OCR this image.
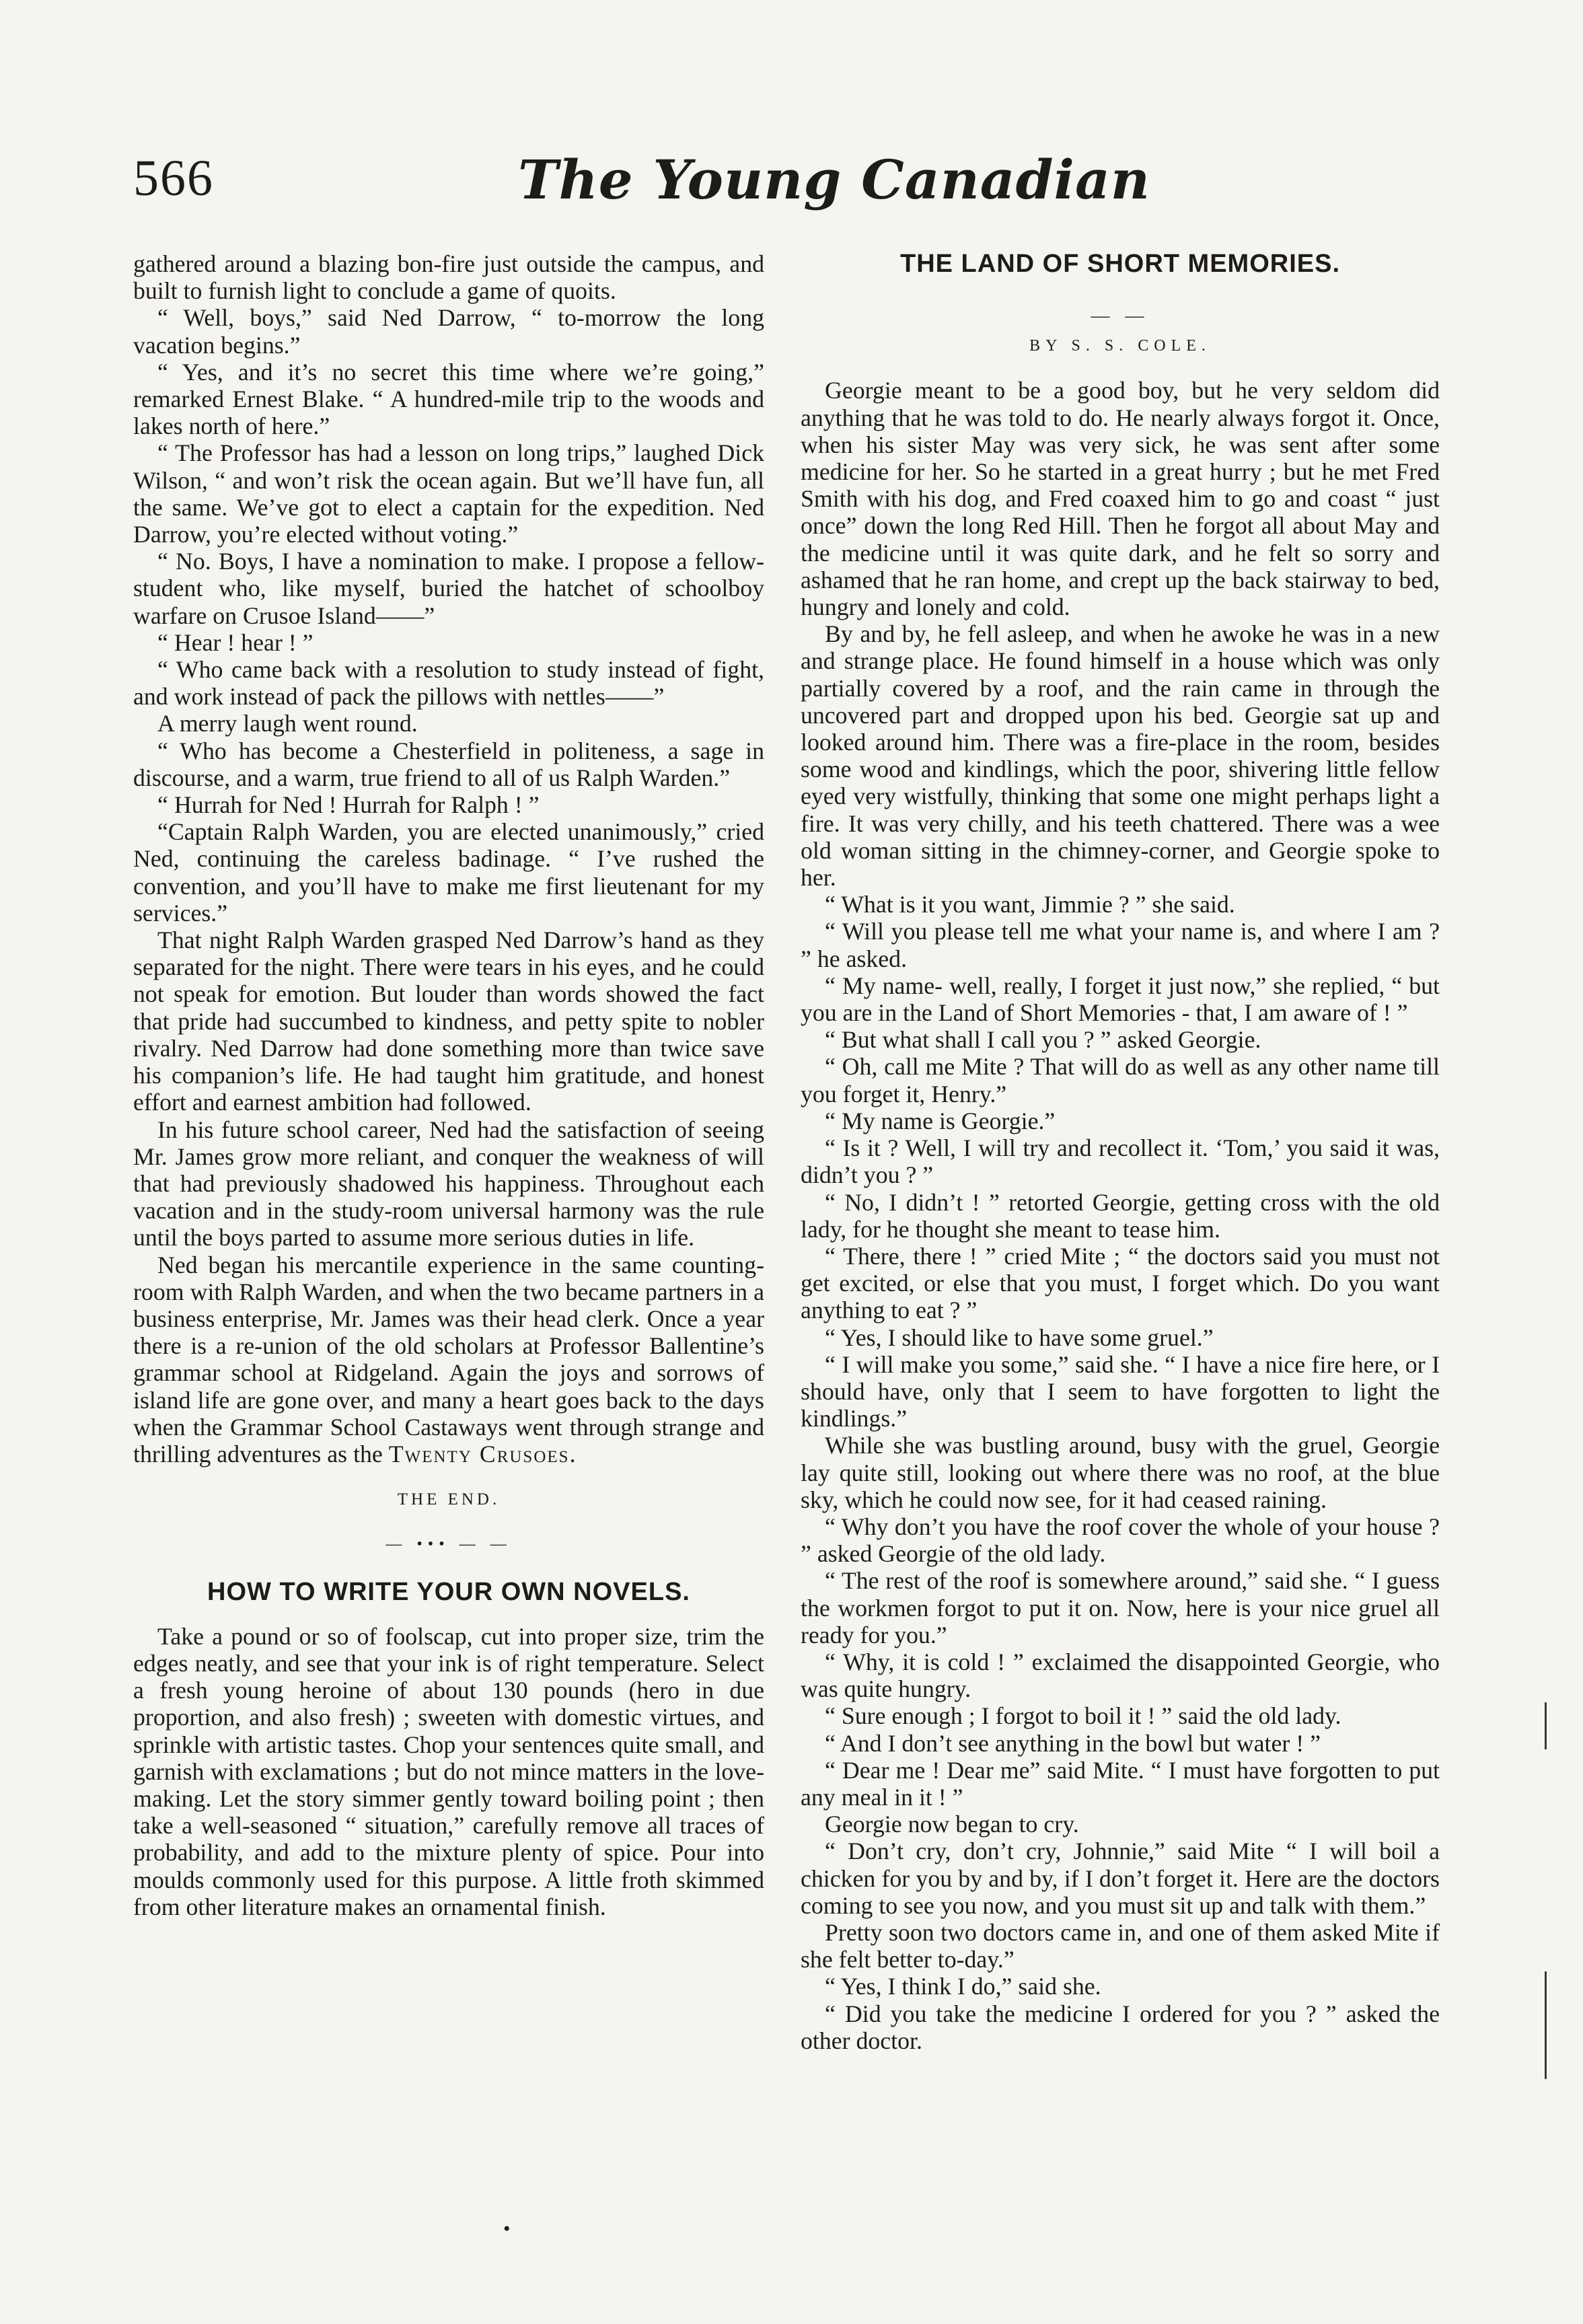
566	The Young Canadian

gathered around a blazing bon-fire just outside the campus, and built to furnish light to conclude a game of quoits.

“ Well, boys,” said Ned Darrow, “ to-morrow the long vacation begins.”

“ Yes, and it’s no secret this time where we’re going,” remarked Ernest Blake. “ A hundred-mile trip to the woods and lakes north of here.”

“ The Professor has had a lesson on long trips,” laughed Dick Wilson, “ and won’t risk the ocean again. But we’ll have fun, all the same. We’ve got to elect a captain for the expedition. Ned Darrow, you’re elected without voting.”

“ No. Boys, I have a nomination to make. I propose a fellow-student who, like myself, buried the hatchet of schoolboy warfare on Crusoe Island——”

“ Hear ! hear ! ”

“ Who came back with a resolution to study instead of fight, and work instead of pack the pillows with nettles——”

A merry laugh went round.

“ Who has become a Chesterfield in politeness, a sage in discourse, and a warm, true friend to all of us Ralph Warden.”

“ Hurrah for Ned ! Hurrah for Ralph ! ”

“Captain Ralph Warden, you are elected unanimously,” cried Ned, continuing the careless badinage. “ I’ve rushed the convention, and you’ll have to make me first lieutenant for my services.”

That night Ralph Warden grasped Ned Darrow’s hand as they separated for the night. There were tears in his eyes, and he could not speak for emotion. But louder than words showed the fact that pride had succumbed to kindness, and petty spite to nobler rivalry. Ned Darrow had done something more than twice save his companion’s life. He had taught him gratitude, and honest effort and earnest ambition had followed.

In his future school career, Ned had the satisfaction of seeing Mr. James grow more reliant, and conquer the weakness of will that had previously shadowed his happiness. Throughout each vacation and in the study-room universal harmony was the rule until the boys parted to assume more serious duties in life.

Ned began his mercantile experience in the same counting-room with Ralph Warden, and when the two became partners in a business enterprise, Mr. James was their head clerk. Once a year there is a re-union of the old scholars at Professor Ballentine’s grammar school at Ridgeland. Again the joys and sorrows of island life are gone over, and many a heart goes back to the days when the Grammar School Castaways went through strange and thrilling adventures as the Twenty Crusoes.

THE END.
— ••• — —
HOW TO WRITE YOUR OWN NOVELS.

Take a pound or so of foolscap, cut into proper size, trim the edges neatly, and see that your ink is of right temperature. Select a fresh young heroine of about 130 pounds (hero in due proportion, and also fresh) ; sweeten with domestic virtues, and sprinkle with artistic tastes. Chop your sentences quite small, and garnish with exclamations ; but do not mince matters in the love-making. Let the story simmer gently toward boiling point ; then take a well-seasoned “ situation,” carefully remove all traces of probability, and add to the mixture plenty of spice. Pour into moulds commonly used for this purpose. A little froth skimmed from other literature makes an ornamental finish.

THE LAND OF SHORT MEMORIES.
— —
BY S. S. COLE.

Georgie meant to be a good boy, but he very seldom did anything that he was told to do. He nearly always forgot it. Once, when his sister May was very sick, he was sent after some medicine for her. So he started in a great hurry ; but he met Fred Smith with his dog, and Fred coaxed him to go and coast “ just once” down the long Red Hill. Then he forgot all about May and the medicine until it was quite dark, and he felt so sorry and ashamed that he ran home, and crept up the back stairway to bed, hungry and lonely and cold.

By and by, he fell asleep, and when he awoke he was in a new and strange place. He found himself in a house which was only partially covered by a roof, and the rain came in through the uncovered part and dropped upon his bed. Georgie sat up and looked around him. There was a fire-place in the room, besides some wood and kindlings, which the poor, shivering little fellow eyed very wistfully, thinking that some one might perhaps light a fire. It was very chilly, and his teeth chattered. There was a wee old woman sitting in the chimney-corner, and Georgie spoke to her.

“ What is it you want, Jimmie ? ” she said.

“ Will you please tell me what your name is, and where I am ? ” he asked.

“ My name- well, really, I forget it just now,” she replied, “ but you are in the Land of Short Memories - that, I am aware of ! ”

“ But what shall I call you ? ” asked Georgie.

“ Oh, call me Mite ? That will do as well as any other name till you forget it, Henry.”

“ My name is Georgie.”

“ Is it ? Well, I will try and recollect it. ‘Tom,’ you said it was, didn’t you ? ”

“ No, I didn’t ! ” retorted Georgie, getting cross with the old lady, for he thought she meant to tease him.

“ There, there ! ” cried Mite ; “ the doctors said you must not get excited, or else that you must, I forget which. Do you want anything to eat ? ”

“ Yes, I should like to have some gruel.”

“ I will make you some,” said she. “ I have a nice fire here, or I should have, only that I seem to have forgotten to light the kindlings.”

While she was bustling around, busy with the gruel, Georgie lay quite still, looking out where there was no roof, at the blue sky, which he could now see, for it had ceased raining.

“ Why don’t you have the roof cover the whole of your house ? ” asked Georgie of the old lady.

“ The rest of the roof is somewhere around,” said she. “ I guess the workmen forgot to put it on. Now, here is your nice gruel all ready for you.”

“ Why, it is cold ! ” exclaimed the disappointed Georgie, who was quite hungry.

“ Sure enough ; I forgot to boil it ! ” said the old lady.

“ And I don’t see anything in the bowl but water ! ”

“ Dear me ! Dear me” said Mite. “ I must have forgotten to put any meal in it ! ”

Georgie now began to cry.

“ Don’t cry, don’t cry, Johnnie,” said Mite “ I will boil a chicken for you by and by, if I don’t forget it. Here are the doctors coming to see you now, and you must sit up and talk with them.”

Pretty soon two doctors came in, and one of them asked Mite if she felt better to-day.”

“ Yes, I think I do,” said she.

“ Did you take the medicine I ordered for you ? ” asked the other doctor.

•
